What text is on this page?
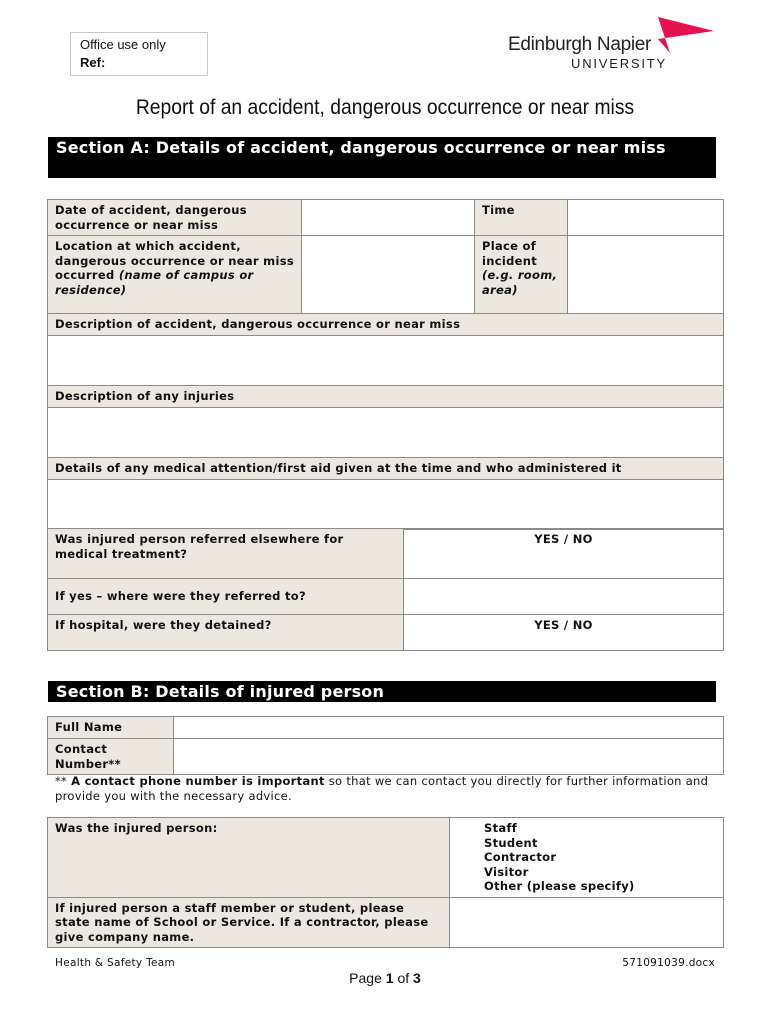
Office use only
Ref:
Edinburgh Napier
UNIVERSITY
Report of an accident, dangerous occurrence or near miss
Section A: Details of accident, dangerous occurrence or near miss
Date of accident, dangerous occurrence or near miss		Time	
Location at which accident, dangerous occurrence or near miss occurred (name of campus or residence)		Place of incident (e.g. room, area)	
Description of accident, dangerous occurrence or near miss			

Description of any injuries			

Details of any medical attention/first aid given at the time and who administered it			

Was injured person referred elsewhere for medical treatment?	YES / NO
If yes – where were they referred to?	
If hospital, were they detained?	YES / NO
Section B: Details of injured person
Full Name	
Contact Number**	
** A contact phone number is important so that we can contact you directly for further information and provide you with the necessary advice.
Was the injured person:	Staff
Student
Contractor
Visitor
Other (please specify)

If injured person a staff member or student, please state name of School or Service. If a contractor, please give company name.	
Health & Safety Team	571091039.docx
Page 1 of 3
